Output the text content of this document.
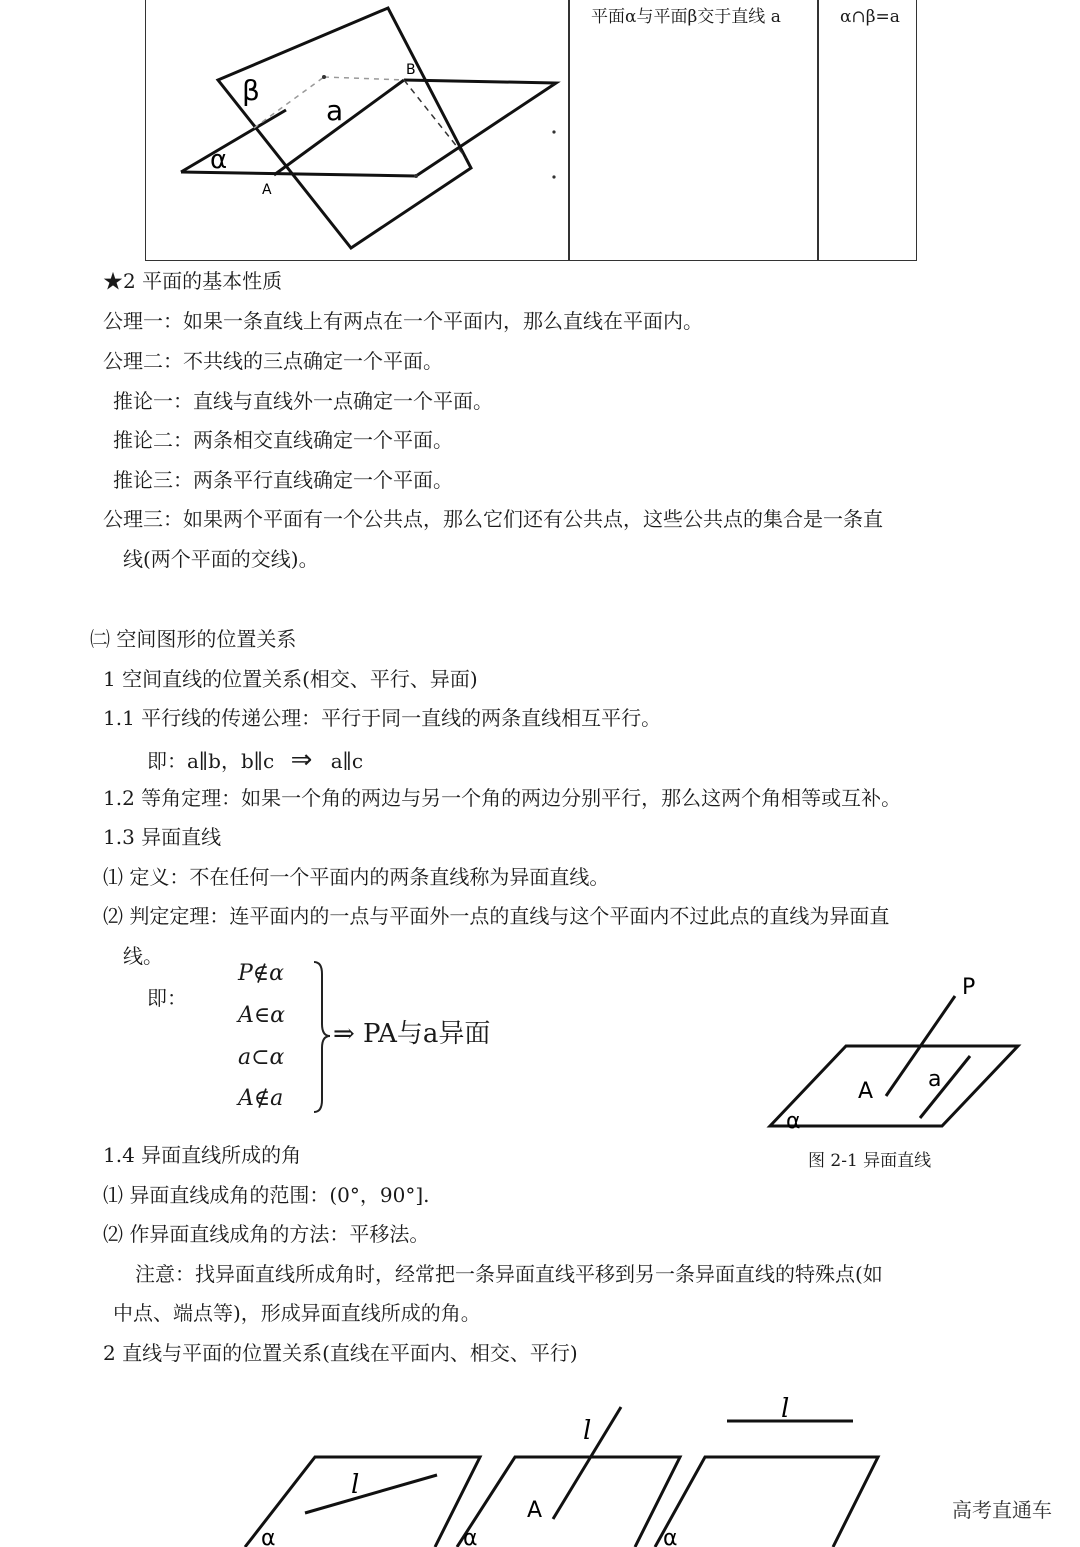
β
a
α
A
B
平面α与平面β交于直线 a	α∩β=a
★2 平面的基本性质
公理一：如果一条直线上有两点在一个平面内，那么直线在平面内。
公理二：不共线的三点确定一个平面。
推论一：直线与直线外一点确定一个平面。
推论二：两条相交直线确定一个平面。
推论三：两条平行直线确定一个平面。
公理三：如果两个平面有一个公共点，那么它们还有公共点，这些公共点的集合是一条直
线(两个平面的交线)。
㈡ 空间图形的位置关系
1 空间直线的位置关系(相交、平行、异面)
1.1 平行线的传递公理：平行于同一直线的两条直线相互平行。
即：a∥b，b∥c ⇒ a∥c
1.2 等角定理：如果一个角的两边与另一个角的两边分别平行，那么这两个角相等或互补。
1.3 异面直线
⑴ 定义：不在任何一个平面内的两条直线称为异面直线。
⑵ 判定定理：连平面内的一点与平面外一点的直线与这个平面内不过此点的直线为异面直
线。
即：
P∉α
A∈α
a⊂α
A∉a
⇒ PA与a异面
P
A a
α
图 2-1 异面直线
1.4 异面直线所成的角
⑴ 异面直线成角的范围：(0°，90°].
⑵ 作异面直线成角的方法：平移法。
注意：找异面直线所成角时，经常把一条异面直线平移到另一条异面直线的特殊点(如
中点、端点等)，形成异面直线所成的角。
2 直线与平面的位置关系(直线在平面内、相交、平行)
l
α
l
A
α
l
α
高考直通车
